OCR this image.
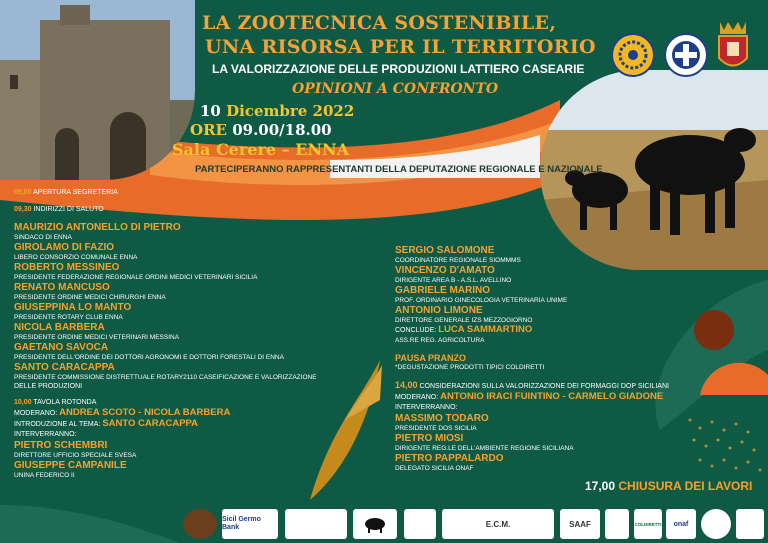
LA ZOOTECNICA SOSTENIBILE,
UNA RISORSA PER IL TERRITORIO
LA VALORIZZAZIONE DELLE PRODUZIONI LATTIERO CASEARIE
OPINIONI A CONFRONTO
10 Dicembre 2022
ORE 09.00/18.00
Sala Cerere – ENNA
PARTECIPERANNO RAPPRESENTANTI DELLA DEPUTAZIONE REGIONALE E NAZIONALE
09,00 APERTURA SEGRETERIA
09,30 INDIRIZZI DI SALUTO
MAURIZIO ANTONELLO DI PIETRO
SINDACO DI ENNA
GIROLAMO DI FAZIO
LIBERO CONSORZIO COMUNALE ENNA
ROBERTO MESSINEO
PRESIDENTE FEDERAZIONE REGIONALE ORDINI MEDICI VETERINARI SICILIA
RENATO MANCUSO
PRESIDENTE ORDINE MEDICI CHIRURGHI ENNA
GIUSEPPINA LO MANTO
PRESIDENTE ROTARY CLUB ENNA
NICOLA BARBERA
PRESIDENTE ORDINE MEDICI VETERINARI MESSINA
GAETANO SAVOCA
PRESIDENTE DELL'ORDINE DEI DOTTORI AGRONOMI E DOTTORI FORESTALI DI ENNA
SANTO CARACAPPA
PRESIDENTE COMMISSIONE DISTRETTUALE ROTARY2110 CASEIFICAZIONE E VALORIZZAZIONE
DELLE PRODUZIONI
10,00 TAVOLA ROTONDA
MODERANO: ANDREA SCOTO - NICOLA BARBERA
INTRODUZIONE AL TEMA: SANTO CARACAPPA
INTERVERRANNO:
PIETRO SCHEMBRI
DIRETTORE UFFICIO SPECIALE SVESA
GIUSEPPE CAMPANILE
UNINA FEDERICO II
SERGIO SALOMONE
COORDINATORE REGIONALE SIOMMMS
VINCENZO D'AMATO
DIRIGENTE AREA B - A.S.L. AVELLINO
GABRIELE MARINO
PROF. ORDINARIO GINECOLOGIA VETERINARIA UNIME
ANTONIO LIMONE
DIRETTORE GENERALE IZS MEZZOGIORNO
CONCLUDE: LUCA SAMMARTINO
ASS.RE REG. AGRICOLTURA
PAUSA PRANZO
*DEGUSTAZIONE PRODOTTI TIPICI COLDIRETTI
14,00 CONSIDERAZIONI SULLA VALORIZZAZIONE DEI FORMAGGI DOP SICILIANI
MODERANO: ANTONIO IRACI FUINTINO - CARMELO GIADONE
INTERVERRANNO:
MASSIMO TODARO
PRESIDENTE DOS SICILIA
PIETRO MIOSI
DIRIGENTE REG.LE DELL'AMBIENTE REGIONE SICILIANA
PIETRO PAPPALARDO
DELEGATO SICILIA ONAF
17,00 CHIUSURA DEI LAVORI
Sicil Germo Bank	E.C.M.	SAAF	COLDIRETTI	onaf
